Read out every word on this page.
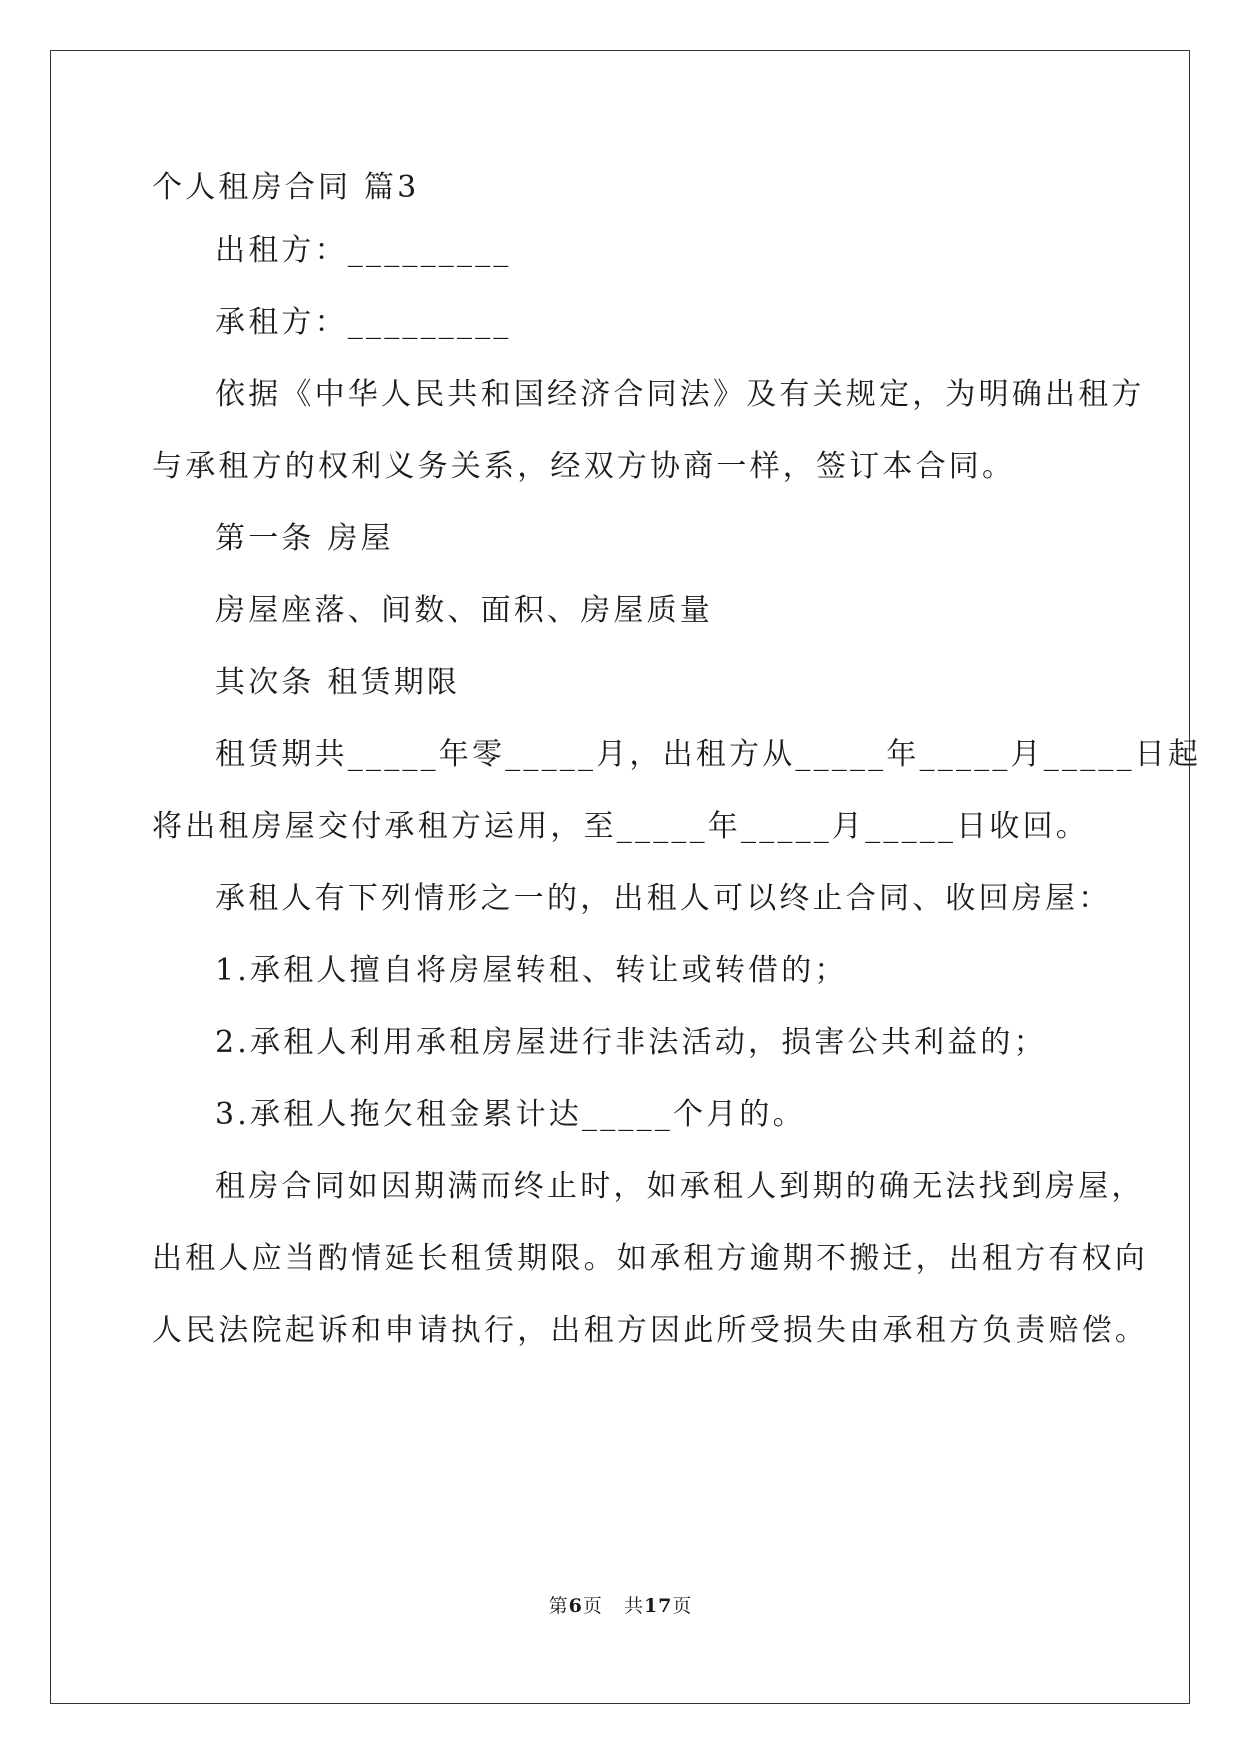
个人租房合同 篇3
出租方：_________
承租方：_________
依据《中华人民共和国经济合同法》及有关规定，为明确出租方
与承租方的权利义务关系，经双方协商一样，签订本合同。
第一条 房屋
房屋座落、间数、面积、房屋质量
其次条 租赁期限
租赁期共_____年零_____月，出租方从_____年_____月_____日起
将出租房屋交付承租方运用，至_____年_____月_____日收回。
承租人有下列情形之一的，出租人可以终止合同、收回房屋：
1.承租人擅自将房屋转租、转让或转借的；
2.承租人利用承租房屋进行非法活动，损害公共利益的；
3.承租人拖欠租金累计达_____个月的。
租房合同如因期满而终止时，如承租人到期的确无法找到房屋，
出租人应当酌情延长租赁期限。如承租方逾期不搬迁，出租方有权向
人民法院起诉和申请执行，出租方因此所受损失由承租方负责赔偿。
第6页   共17页
